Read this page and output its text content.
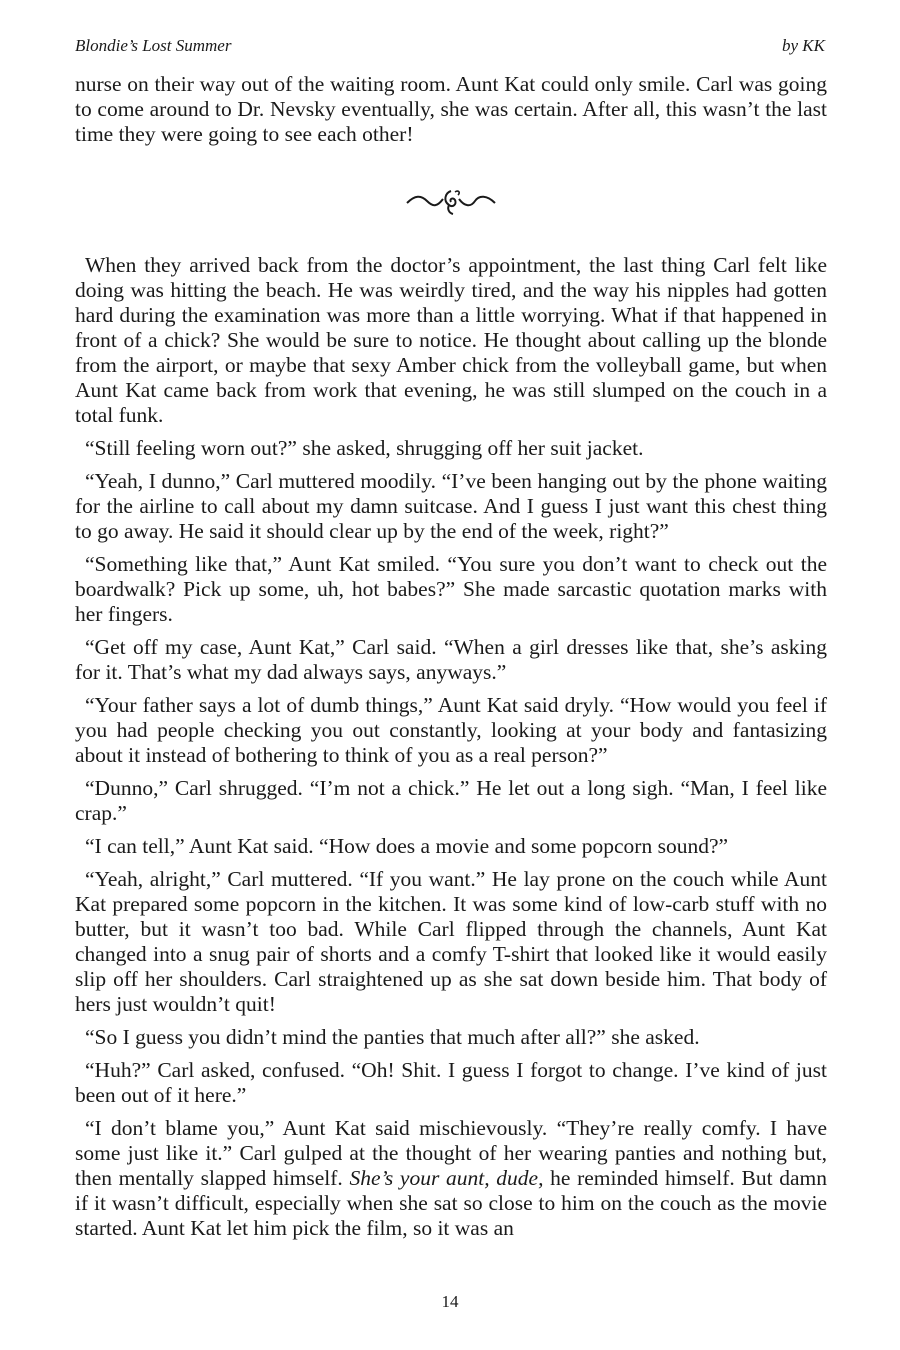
Blondie’s Lost Summer	by KK

nurse on their way out of the waiting room. Aunt Kat could only smile. Carl was going to come around to Dr. Nevsky eventually, she was certain. After all, this wasn’t the last time they were going to see each other!

When they arrived back from the doctor’s appointment, the last thing Carl felt like doing was hitting the beach. He was weirdly tired, and the way his nipples had gotten hard during the examination was more than a little worrying. What if that happened in front of a chick? She would be sure to notice. He thought about calling up the blonde from the airport, or maybe that sexy Amber chick from the volleyball game, but when Aunt Kat came back from work that evening, he was still slumped on the couch in a total funk.

“Still feeling worn out?” she asked, shrugging off her suit jacket.

“Yeah, I dunno,” Carl muttered moodily. “I’ve been hanging out by the phone waiting for the airline to call about my damn suitcase. And I guess I just want this chest thing to go away. He said it should clear up by the end of the week, right?”

“Something like that,” Aunt Kat smiled. “You sure you don’t want to check out the boardwalk? Pick up some, uh, hot babes?” She made sarcastic quotation marks with her fingers.

“Get off my case, Aunt Kat,” Carl said. “When a girl dresses like that, she’s asking for it. That’s what my dad always says, anyways.”

“Your father says a lot of dumb things,” Aunt Kat said dryly. “How would you feel if you had people checking you out constantly, looking at your body and fantasizing about it instead of bothering to think of you as a real person?”

“Dunno,” Carl shrugged. “I’m not a chick.” He let out a long sigh. “Man, I feel like crap.”

“I can tell,” Aunt Kat said. “How does a movie and some popcorn sound?”

“Yeah, alright,” Carl muttered. “If you want.” He lay prone on the couch while Aunt Kat prepared some popcorn in the kitchen. It was some kind of low-carb stuff with no butter, but it wasn’t too bad. While Carl flipped through the channels, Aunt Kat changed into a snug pair of shorts and a comfy T-shirt that looked like it would easily slip off her shoulders. Carl straightened up as she sat down beside him. That body of hers just wouldn’t quit!

“So I guess you didn’t mind the panties that much after all?” she asked.

“Huh?” Carl asked, confused. “Oh! Shit. I guess I forgot to change. I’ve kind of just been out of it here.”

“I don’t blame you,” Aunt Kat said mischievously. “They’re really comfy. I have some just like it.” Carl gulped at the thought of her wearing panties and nothing but, then mentally slapped himself. She’s your aunt, dude, he reminded himself. But damn if it wasn’t difficult, especially when she sat so close to him on the couch as the movie started. Aunt Kat let him pick the film, so it was an

14
